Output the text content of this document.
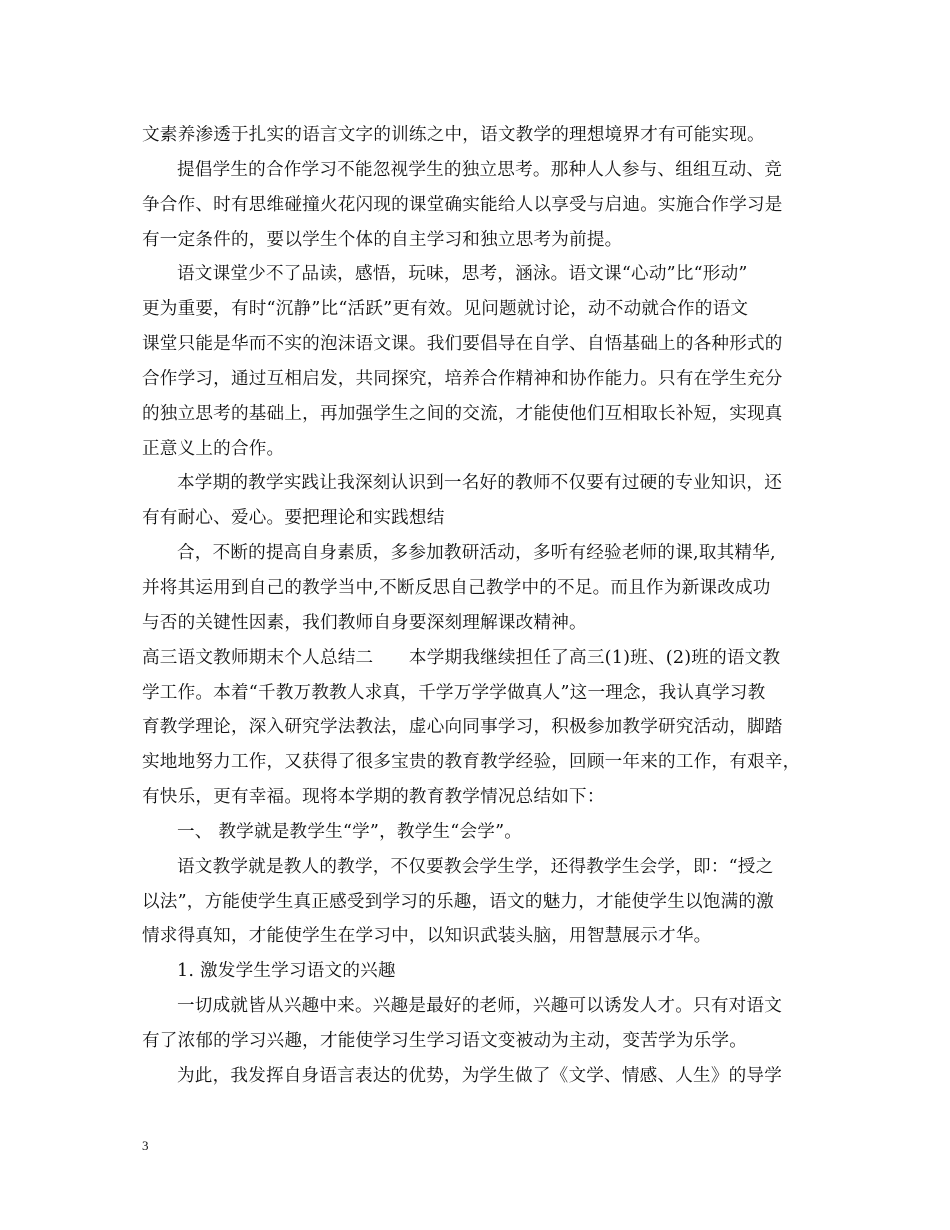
文素养渗透于扎实的语言文字的训练之中，语文教学的理想境界才有可能实现。
提倡学生的合作学习不能忽视学生的独立思考。那种人人参与、组组互动、竞
争合作、时有思维碰撞火花闪现的课堂确实能给人以享受与启迪。实施合作学习是
有一定条件的，要以学生个体的自主学习和独立思考为前提。
语文课堂少不了品读，感悟，玩味，思考，涵泳。语文课“心动”比“形动”
更为重要，有时“沉静”比“活跃”更有效。见问题就讨论，动不动就合作的语文
课堂只能是华而不实的泡沫语文课。我们要倡导在自学、自悟基础上的各种形式的
合作学习，通过互相启发，共同探究，培养合作精神和协作能力。只有在学生充分
的独立思考的基础上，再加强学生之间的交流，才能使他们互相取长补短，实现真
正意义上的合作。
本学期的教学实践让我深刻认识到一名好的教师不仅要有过硬的专业知识，还
有有耐心、爱心。要把理论和实践想结
合，不断的提高自身素质，多参加教研活动，多听有经验老师的课,取其精华,
并将其运用到自己的教学当中,不断反思自己教学中的不足。而且作为新课改成功
与否的关键性因素，我们教师自身要深刻理解课改精神。
高三语文教师期末个人总结二　　本学期我继续担任了高三(1)班、(2)班的语文教
学工作。本着“千教万教教人求真，千学万学学做真人”这一理念，我认真学习教
育教学理论，深入研究学法教法，虚心向同事学习，积极参加教学研究活动，脚踏
实地地努力工作，又获得了很多宝贵的教育教学经验，回顾一年来的工作，有艰辛，
有快乐，更有幸福。现将本学期的教育教学情况总结如下：
一、 教学就是教学生“学”，教学生“会学”。
语文教学就是教人的教学，不仅要教会学生学，还得教学生会学，即：“授之
以法”，方能使学生真正感受到学习的乐趣，语文的魅力，才能使学生以饱满的激
情求得真知，才能使学生在学习中，以知识武装头脑，用智慧展示才华。
1. 激发学生学习语文的兴趣
一切成就皆从兴趣中来。兴趣是最好的老师，兴趣可以诱发人才。只有对语文
有了浓郁的学习兴趣，才能使学习生学习语文变被动为主动，变苦学为乐学。
为此，我发挥自身语言表达的优势，为学生做了《文学、情感、人生》的导学
3
